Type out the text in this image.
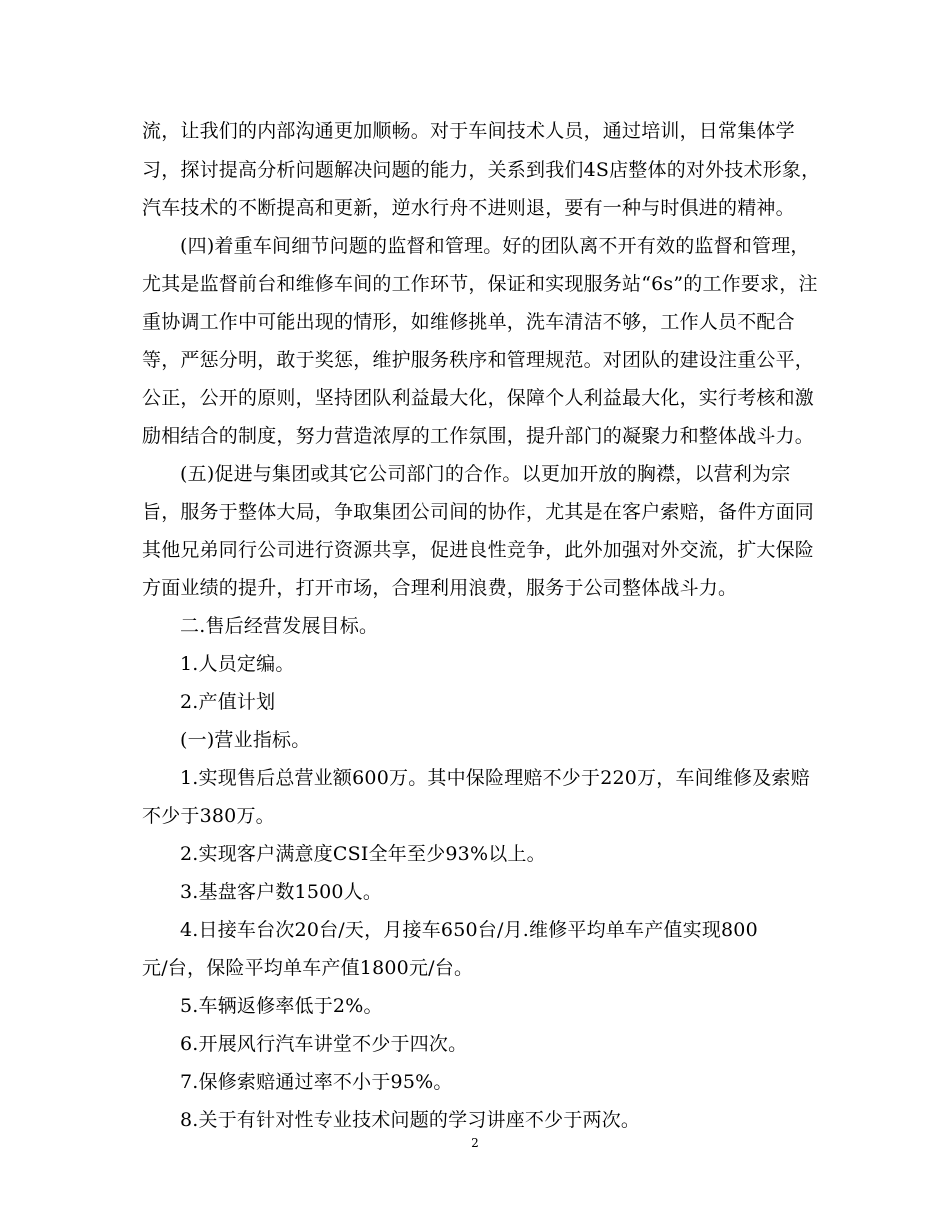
流，让我们的内部沟通更加顺畅。对于车间技术人员，通过培训，日常集体学
习，探讨提高分析问题解决问题的能力，关系到我们4S店整体的对外技术形象，
汽车技术的不断提高和更新，逆水行舟不进则退，要有一种与时俱进的精神。
(四)着重车间细节问题的监督和管理。好的团队离不开有效的监督和管理，
尤其是监督前台和维修车间的工作环节，保证和实现服务站“6s”的工作要求，注
重协调工作中可能出现的情形，如维修挑单，洗车清洁不够，工作人员不配合
等，严惩分明，敢于奖惩，维护服务秩序和管理规范。对团队的建设注重公平，
公正，公开的原则，坚持团队利益最大化，保障个人利益最大化，实行考核和激
励相结合的制度，努力营造浓厚的工作氛围，提升部门的凝聚力和整体战斗力。
(五)促进与集团或其它公司部门的合作。以更加开放的胸襟，以营利为宗
旨，服务于整体大局，争取集团公司间的协作，尤其是在客户索赔，备件方面同
其他兄弟同行公司进行资源共享，促进良性竞争，此外加强对外交流，扩大保险
方面业绩的提升，打开市场，合理利用浪费，服务于公司整体战斗力。
二.售后经营发展目标。
1.人员定编。
2.产值计划
(一)营业指标。
1.实现售后总营业额600万。其中保险理赔不少于220万，车间维修及索赔
不少于380万。
2.实现客户满意度CSI全年至少93%以上。
3.基盘客户数1500人。
4.日接车台次20台/天，月接车650台/月.维修平均单车产值实现800
元/台，保险平均单车产值1800元/台。
5.车辆返修率低于2%。
6.开展风行汽车讲堂不少于四次。
7.保修索赔通过率不小于95%。
8.关于有针对性专业技术问题的学习讲座不少于两次。
2
